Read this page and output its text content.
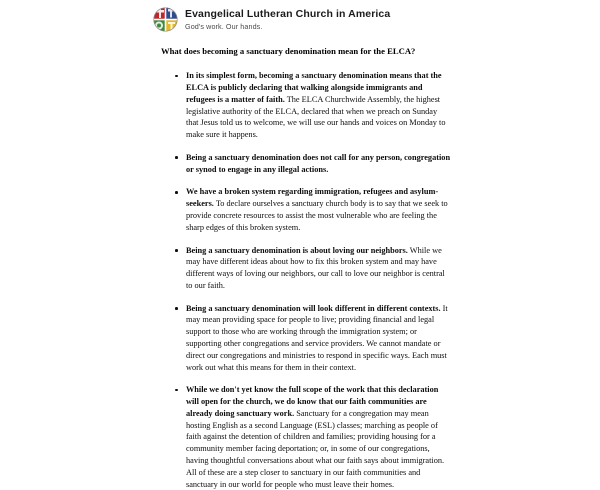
Evangelical Lutheran Church in America
God's work. Our hands.

What does becoming a sanctuary denomination mean for the ELCA?

In its simplest form, becoming a sanctuary denomination means that the ELCA is publicly declaring that walking alongside immigrants and refugees is a matter of faith. The ELCA Churchwide Assembly, the highest legislative authority of the ELCA, declared that when we preach on Sunday that Jesus told us to welcome, we will use our hands and voices on Monday to make sure it happens.
Being a sanctuary denomination does not call for any person, congregation or synod to engage in any illegal actions.
We have a broken system regarding immigration, refugees and asylum-seekers. To declare ourselves a sanctuary church body is to say that we seek to provide concrete resources to assist the most vulnerable who are feeling the sharp edges of this broken system.
Being a sanctuary denomination is about loving our neighbors. While we may have different ideas about how to fix this broken system and may have different ways of loving our neighbors, our call to love our neighbor is central to our faith.
Being a sanctuary denomination will look different in different contexts. It may mean providing space for people to live; providing financial and legal support to those who are working through the immigration system; or supporting other congregations and service providers. We cannot mandate or direct our congregations and ministries to respond in specific ways. Each must work out what this means for them in their context.
While we don't yet know the full scope of the work that this declaration will open for the church, we do know that our faith communities are already doing sanctuary work. Sanctuary for a congregation may mean hosting English as a second Language (ESL) classes; marching as people of faith against the detention of children and families; providing housing for a community member facing deportation; or, in some of our congregations, having thoughtful conversations about what our faith says about immigration. All of these are a step closer to sanctuary in our faith communities and sanctuary in our world for people who must leave their homes.
